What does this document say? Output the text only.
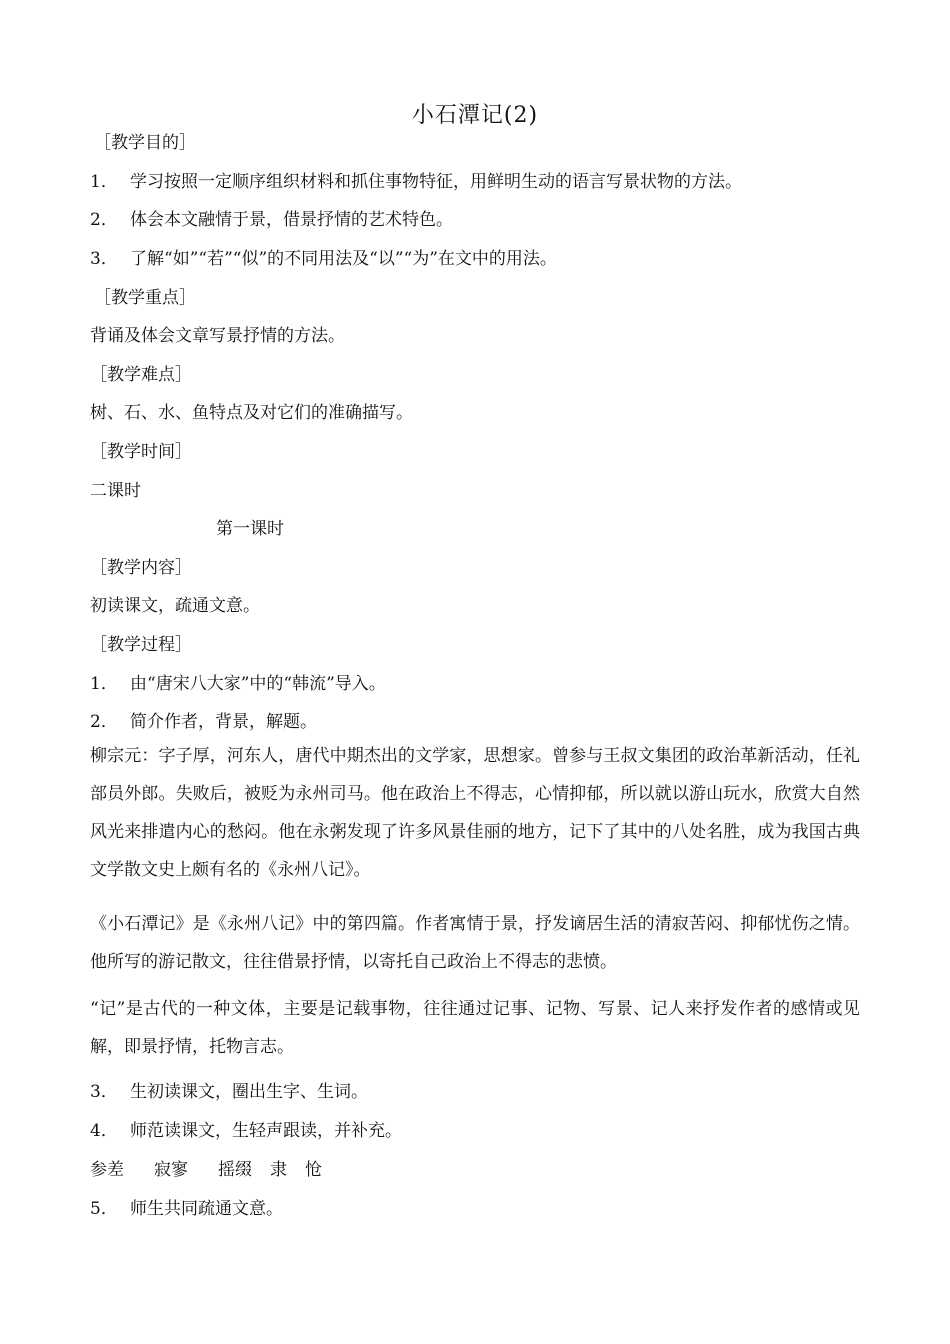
小石潭记(2)
［教学目的］
1． 学习按照一定顺序组织材料和抓住事物特征，用鲜明生动的语言写景状物的方法。
2． 体会本文融情于景，借景抒情的艺术特色。
3． 了解“如”“若”“似”的不同用法及“以”“为”在文中的用法。
［教学重点］
背诵及体会文章写景抒情的方法。
［教学难点］
树、石、水、鱼特点及对它们的准确描写。
［教学时间］
二课时
第一课时
［教学内容］
初读课文，疏通文意。
［教学过程］
1． 由“唐宋八大家”中的“韩流”导入。
2． 简介作者，背景，解题。
柳宗元：字子厚，河东人，唐代中期杰出的文学家，思想家。曾参与王叔文集团的政治革新活动，任礼部员外郎。失败后，被贬为永州司马。他在政治上不得志，心情抑郁，所以就以游山玩水，欣赏大自然风光来排遣内心的愁闷。他在永粥发现了许多风景佳丽的地方，记下了其中的八处名胜，成为我国古典文学散文史上颇有名的《永州八记》。
《小石潭记》是《永州八记》中的第四篇。作者寓情于景，抒发谪居生活的清寂苦闷、抑郁忧伤之情。他所写的游记散文，往往借景抒情，以寄托自己政治上不得志的悲愤。
“记”是古代的一种文体，主要是记载事物，往往通过记事、记物、写景、记人来抒发作者的感情或见解，即景抒情，托物言志。
3． 生初读课文，圈出生字、生词。
4． 师范读课文，生轻声跟读，并补充。
参差 寂寥 摇缀 隶 怆
5． 师生共同疏通文意。
